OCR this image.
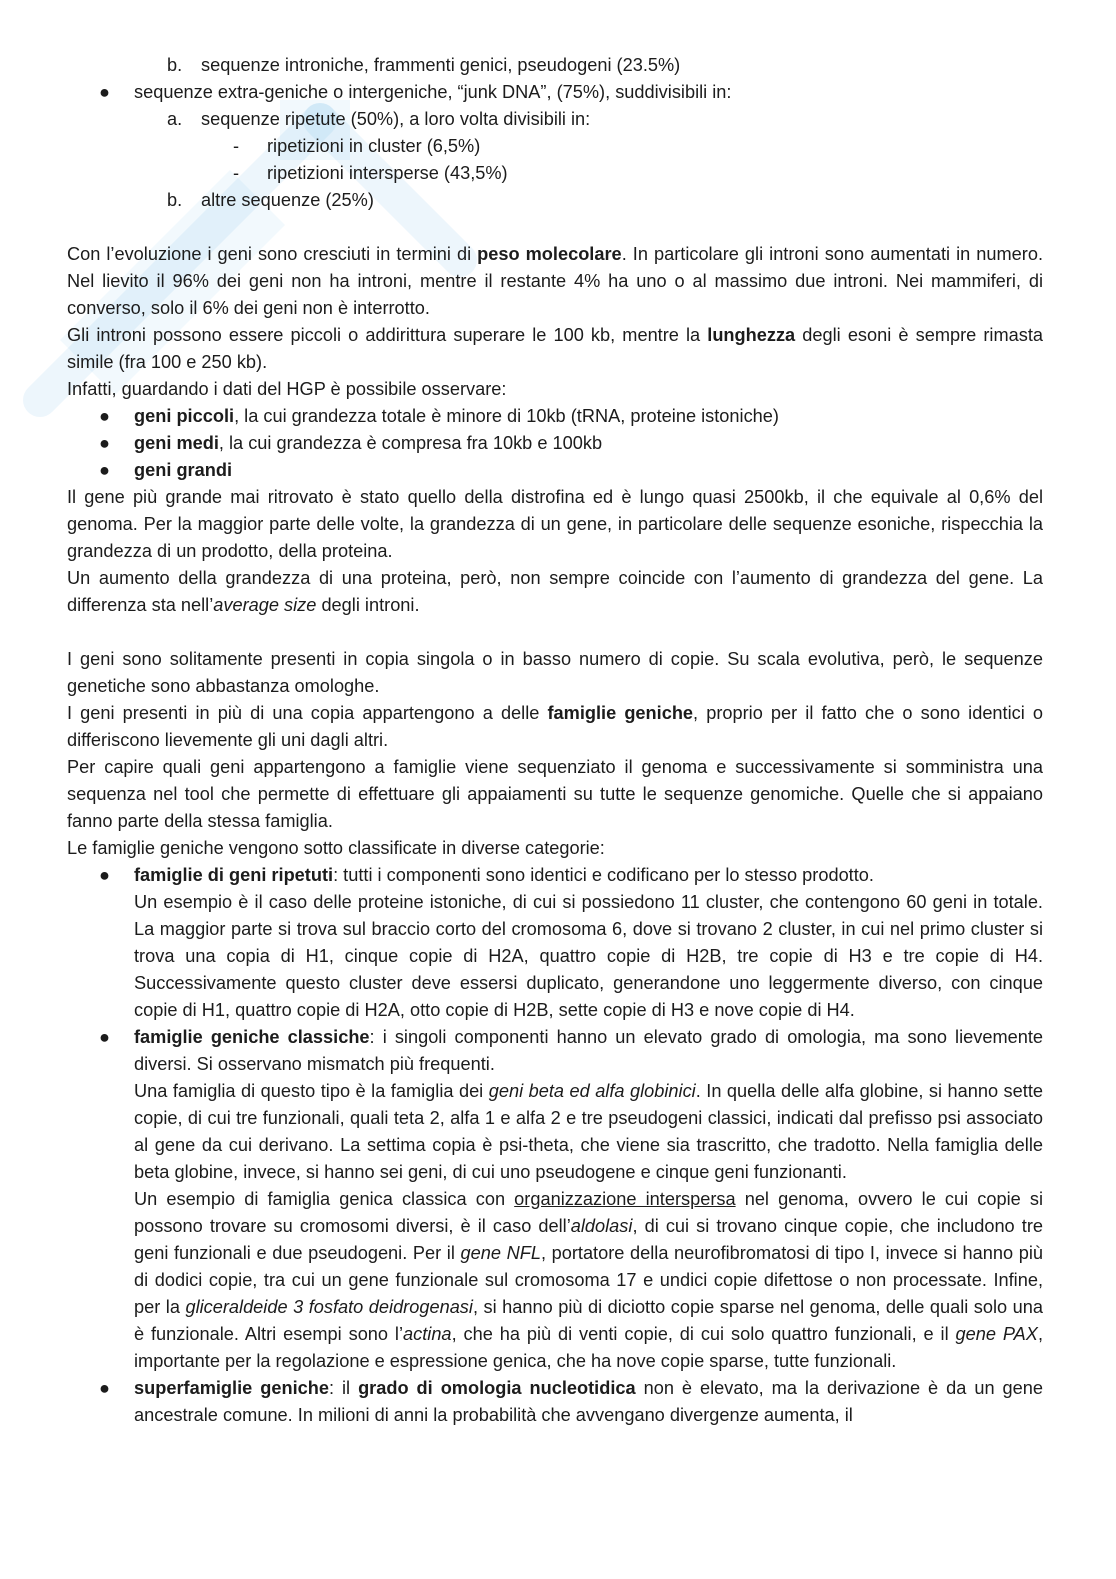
b. sequenze introniche, frammenti genici, pseudogeni (23.5%)
● sequenze extra-geniche o intergeniche, “junk DNA”, (75%), suddivisibili in:
a. sequenze ripetute (50%), a loro volta divisibili in:
- ripetizioni in cluster (6,5%)
- ripetizioni intersperse (43,5%)
b. altre sequenze (25%)
Con l’evoluzione i geni sono cresciuti in termini di peso molecolare. In particolare gli introni sono aumentati in numero. Nel lievito il 96% dei geni non ha introni, mentre il restante 4% ha uno o al massimo due introni. Nei mammiferi, di converso, solo il 6% dei geni non è interrotto.
Gli introni possono essere piccoli o addirittura superare le 100 kb, mentre la lunghezza degli esoni è sempre rimasta simile (fra 100 e 250 kb).
Infatti, guardando i dati del HGP è possibile osservare:
● geni piccoli, la cui grandezza totale è minore di 10kb (tRNA, proteine istoniche)
● geni medi, la cui grandezza è compresa fra 10kb e 100kb
● geni grandi
Il gene più grande mai ritrovato è stato quello della distrofina ed è lungo quasi 2500kb, il che equivale al 0,6% del genoma. Per la maggior parte delle volte, la grandezza di un gene, in particolare delle sequenze esoniche, rispecchia la grandezza di un prodotto, della proteina.
Un aumento della grandezza di una proteina, però, non sempre coincide con l’aumento di grandezza del gene. La differenza sta nell’average size degli introni.
I geni sono solitamente presenti in copia singola o in basso numero di copie. Su scala evolutiva, però, le sequenze genetiche sono abbastanza omologhe.
I geni presenti in più di una copia appartengono a delle famiglie geniche, proprio per il fatto che o sono identici o differiscono lievemente gli uni dagli altri.
Per capire quali geni appartengono a famiglie viene sequenziato il genoma e successivamente si somministra una sequenza nel tool che permette di effettuare gli appaiamenti su tutte le sequenze genomiche. Quelle che si appaiano fanno parte della stessa famiglia.
Le famiglie geniche vengono sotto classificate in diverse categorie:
● famiglie di geni ripetuti: tutti i componenti sono identici e codificano per lo stesso prodotto.
Un esempio è il caso delle proteine istoniche, di cui si possiedono 11 cluster, che contengono 60 geni in totale. La maggior parte si trova sul braccio corto del cromosoma 6, dove si trovano 2 cluster, in cui nel primo cluster si trova una copia di H1, cinque copie di H2A, quattro copie di H2B, tre copie di H3 e tre copie di H4. Successivamente questo cluster deve essersi duplicato, generandone uno leggermente diverso, con cinque copie di H1, quattro copie di H2A, otto copie di H2B, sette copie di H3 e nove copie di H4.
● famiglie geniche classiche: i singoli componenti hanno un elevato grado di omologia, ma sono lievemente diversi. Si osservano mismatch più frequenti.
Una famiglia di questo tipo è la famiglia dei geni beta ed alfa globinici. In quella delle alfa globine, si hanno sette copie, di cui tre funzionali, quali teta 2, alfa 1 e alfa 2 e tre pseudogeni classici, indicati dal prefisso psi associato al gene da cui derivano. La settima copia è psi-theta, che viene sia trascritto, che tradotto. Nella famiglia delle beta globine, invece, si hanno sei geni, di cui uno pseudogene e cinque geni funzionanti.
Un esempio di famiglia genica classica con organizzazione interspersa nel genoma, ovvero le cui copie si possono trovare su cromosomi diversi, è il caso dell’aldolasi, di cui si trovano cinque copie, che includono tre geni funzionali e due pseudogeni. Per il gene NFL, portatore della neurofibromatosi di tipo I, invece si hanno più di dodici copie, tra cui un gene funzionale sul cromosoma 17 e undici copie difettose o non processate. Infine, per la gliceraldeide 3 fosfato deidrogenasi, si hanno più di diciotto copie sparse nel genoma, delle quali solo una è funzionale. Altri esempi sono l’actina, che ha più di venti copie, di cui solo quattro funzionali, e il gene PAX, importante per la regolazione e espressione genica, che ha nove copie sparse, tutte funzionali.
● superfamiglie geniche: il grado di omologia nucleotidica non è elevato, ma la derivazione è da un gene ancestrale comune. In milioni di anni la probabilità che avvengano divergenze aumenta, il
